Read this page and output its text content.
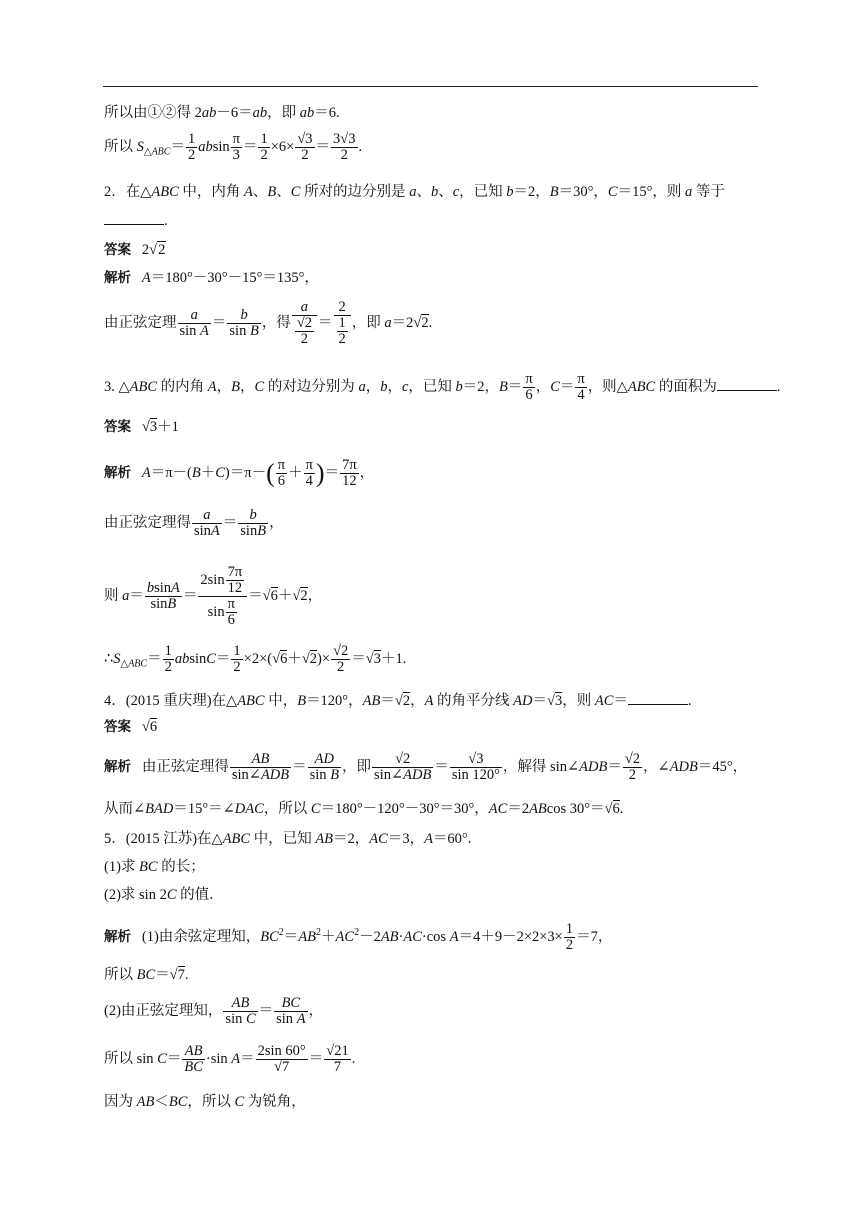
所以由①②得 2ab－6＝ab，即 ab＝6.
所以 $S_{\triangle ABC}= \frac{1}{2}$ absin $\frac{\pi}{3} = \frac{1}{2} \times 6\times \frac{√3}{2} = \frac{3√3}{2}$ .
2．在△ABC 中，内角 A、B、C 所对的边分别是 a、b、c，已知 b＝2，B＝30°，C＝15°，则 a 等于
.
答案   2√2
解析 A＝180°－30°－15°＝135°，
由正弦定理 $\frac{a}{\text{sin A}} = \frac{b}{\text{sin B}}$ ，得 $\frac{a}{\frac{√2}{2}} = \frac{2}{\frac{1}{2}}$ ，即 a＝2√2.
3. △ABC 的内角 A，B，C 的对边分别为 a，b，c，已知 b＝2，$B= \frac{\pi}{6}$ ，$C= \frac{\pi}{4}$ ，则△ABC 的面积为	.
答案   √3＋1
解析 $A=\pi-(B+C)=\pi-( \frac{\pi}{6} + \frac{\pi}{4}$ )＝ $\frac{7\pi}{12}$ ，
由正弦定理得 $\frac{a}{\sin A} = \frac{b}{\sin B}$ ，
则 $a= \frac{bsinA}{\sin B} = \frac{2\sin \frac{7\pi}{12}}{\sin \frac{\pi}{6}} =√6+√2$，
$\therefore S_{\triangle ABC}= \frac{1}{2} absinC= \frac{1}{2} \times 2\times(√6+√2)\times \frac{√2}{2} =√3+1$.
4．(2015 重庆理)在△ABC 中，B＝120°，AB＝√2，A 的角平分线 AD＝√3，则 AC＝	.
答案   √6
解析   由正弦定理得 $\frac{AB}{\text{sin∠ADB}} = \frac{AD}{\text{sin B}}$ ，即 $\frac{√2}{\text{sin∠ADB}} = \frac{√3}{\sin 120^\circ}$ ，解得 sin∠ADB＝ $\frac{√2}{2}$ ，∠ADB＝45°，
从而∠BAD＝15°＝∠DAC，所以 C＝180°－120°－30°＝30°，AC＝2ABcos 30°＝√6.
5．(2015 江苏)在△ABC 中，已知 AB＝2，AC＝3，A＝60°.
(1)求 BC 的长；
(2)求 sin 2C 的值．
解析   (1)由余弦定理知，$BC^2=AB^2+AC^2-2AB\cdot AC\cdot\cos$ $A=4+9-2\times 2\times 3\times \frac{1}{2} =7$，
所以 BC＝√7.
(2)由正弦定理知， $\frac{AB}{\text{sin C}} = \frac{BC}{\text{sin A}}$ ，
所以 $\sin C= \frac{AB}{BC} \cdot\sin$ $A= \frac{2\sin 60^\circ}{√7} = \frac{√21}{7}$ .
因为 AB＜BC，所以 C 为锐角，
